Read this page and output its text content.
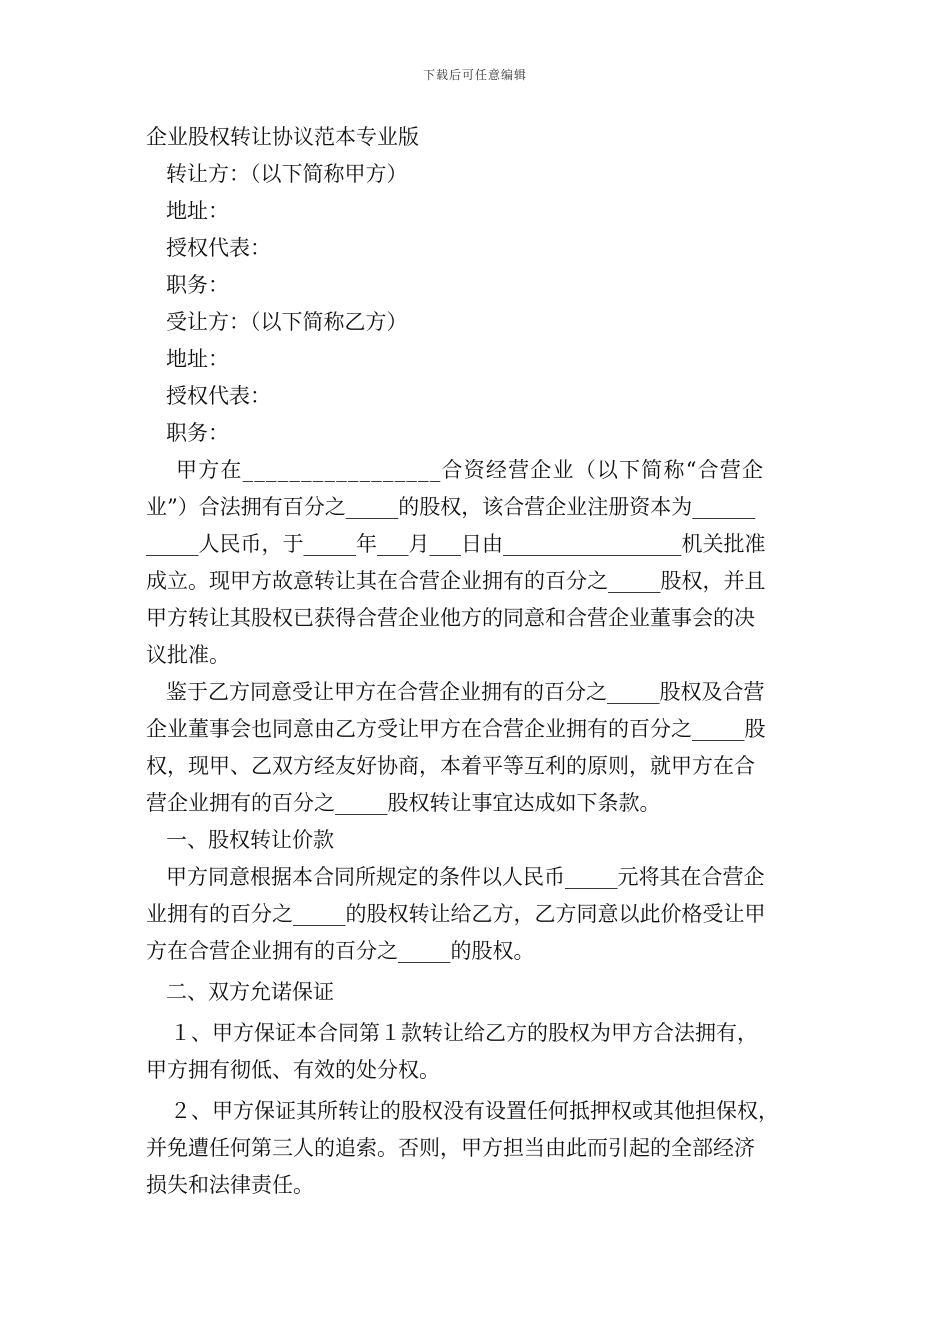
下载后可任意编辑
企业股权转让协议范本专业版
转让方：（以下简称甲方）
地址：
授权代表：
职务：
受让方：（以下简称乙方）
地址：
授权代表：
职务：
甲方在_________________合资经营企业（以下简称“合营企
业”）合法拥有百分之_____的股权，该合营企业注册资本为______
_____人民币，于_____年___月___日由_________________机关批准
成立。现甲方故意转让其在合营企业拥有的百分之_____股权，并且
甲方转让其股权已获得合营企业他方的同意和合营企业董事会的决
议批准。
鉴于乙方同意受让甲方在合营企业拥有的百分之_____股权及合营
企业董事会也同意由乙方受让甲方在合营企业拥有的百分之_____股
权，现甲、乙双方经友好协商，本着平等互利的原则，就甲方在合
营企业拥有的百分之_____股权转让事宜达成如下条款。
一、股权转让价款
甲方同意根据本合同所规定的条件以人民币_____元将其在合营企
业拥有的百分之_____的股权转让给乙方，乙方同意以此价格受让甲
方在合营企业拥有的百分之_____的股权。
二、双方允诺保证
１、甲方保证本合同第１款转让给乙方的股权为甲方合法拥有，
甲方拥有彻低、有效的处分权。
２、甲方保证其所转让的股权没有设置任何抵押权或其他担保权，
并免遭任何第三人的追索。否则，甲方担当由此而引起的全部经济
损失和法律责任。
